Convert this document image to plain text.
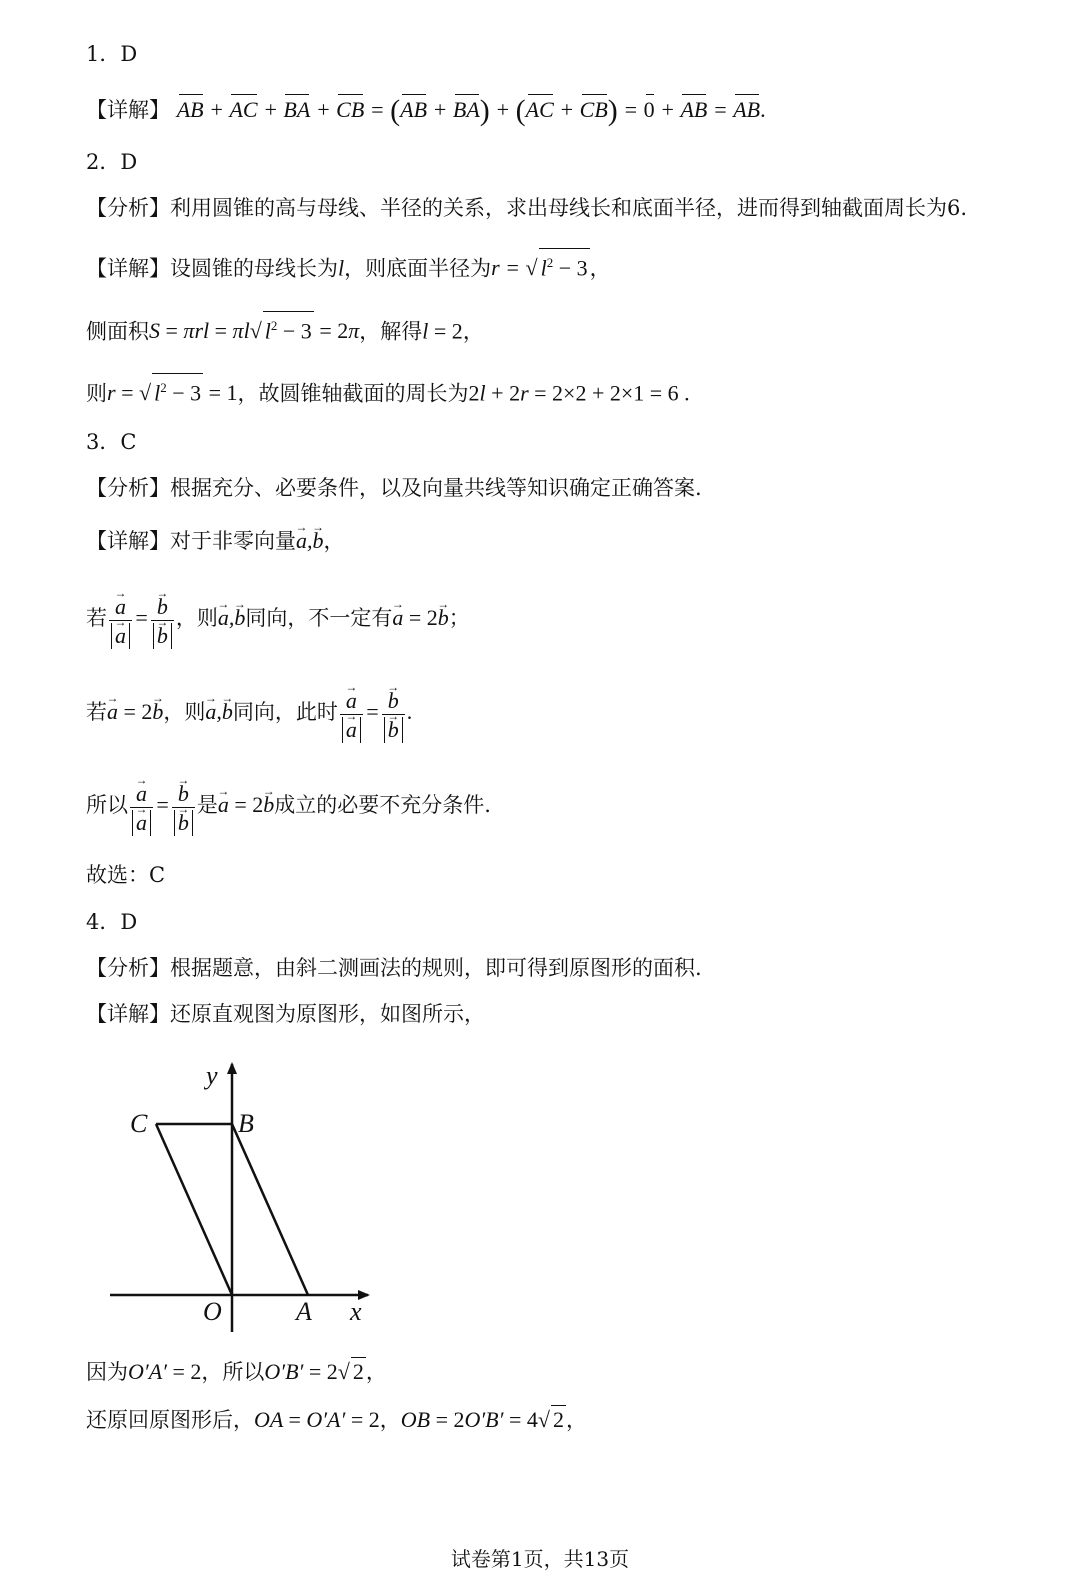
1．D
【详解】 AB + AC + BA + CB = (AB + BA) + (AC + CB) = 0 + AB = AB.
2．D
【分析】利用圆锥的高与母线、半径的关系，求出母线长和底面半径，进而得到轴截面周长为6.
【详解】设圆锥的母线长为l，则底面半径为r = √ $l^2 - 3$，
侧面积S = πrl = πl√ $l^2 - 3 = 2\pi$，解得l = 2，
则r = √ $l^2 - 3 = 1$，故圆锥轴截面的周长为2l + 2r = 2×2 + 2×1 = 6 .
3．C
【分析】根据充分、必要条件，以及向量共线等知识确定正确答案.
【详解】对于非零向量→ a,→ b，
若 → a
→ a = → b
→ b ，则→ a,→ b同向，不一定有→ a = 2→ b；
若→ a = 2→ b，则→ a,→ b同向，此时 → a
→ a = → b
→ b .
所以 → a
→ a = → b
→ b 是→ a = 2→ b成立的必要不充分条件.
故选：C
4．D
【分析】根据题意，由斜二测画法的规则，即可得到原图形的面积.
【详解】还原直观图为原图形，如图所示，
y
C	B
O	A x
因为O′A′ = 2，所以O′B′ = 2√ 2，
还原回原图形后，OA = O′A′ = 2，OB = 2O′B′ = 4√ 2，
试卷第1页，共13页
